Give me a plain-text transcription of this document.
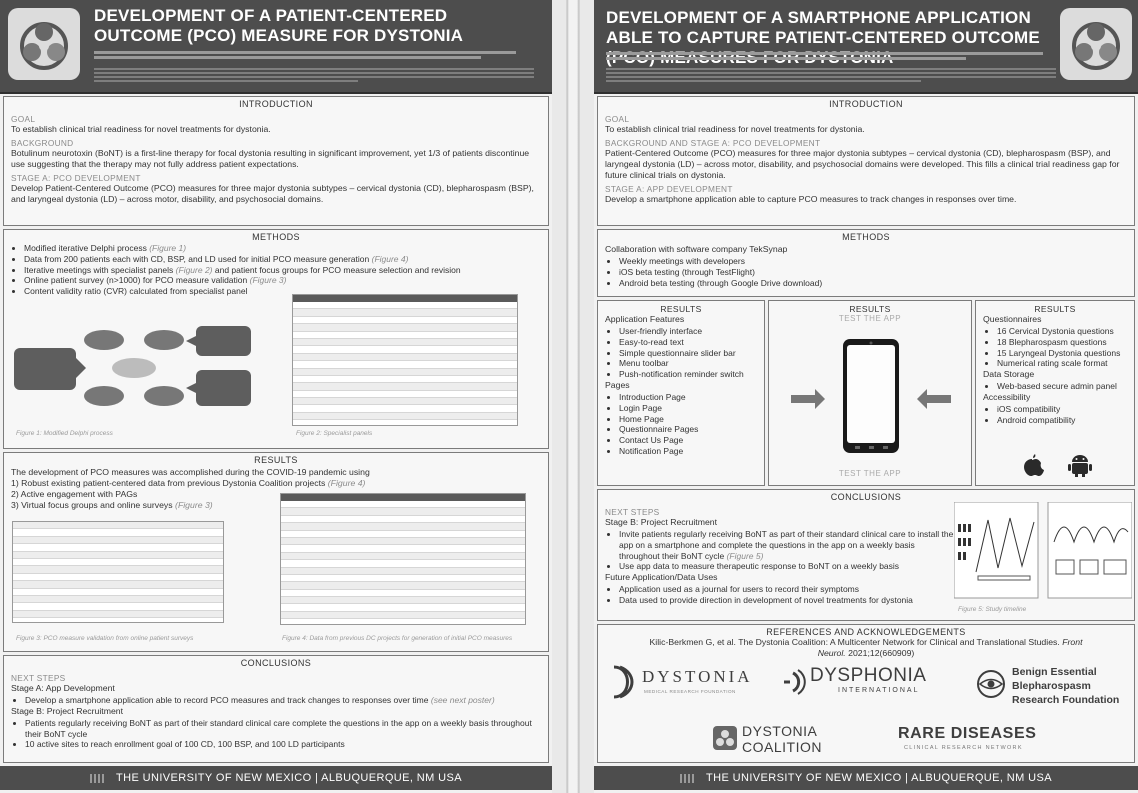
DEVELOPMENT OF A PATIENT-CENTERED OUTCOME (PCO) MEASURE FOR DYSTONIA
INTRODUCTION
GOAL
To establish clinical trial readiness for novel treatments for dystonia.
BACKGROUND
Botulinum neurotoxin (BoNT) is a first-line therapy for focal dystonia resulting in significant improvement, yet 1/3 of patients discontinue use suggesting that the therapy may not fully address patient expectations.
STAGE A: PCO DEVELOPMENT
Develop Patient-Centered Outcome (PCO) measures for three major dystonia subtypes – cervical dystonia (CD), blepharospasm (BSP), and laryngeal dystonia (LD) – across motor, disability, and psychosocial domains.
METHODS
• Modified iterative Delphi process (Figure 1)
• Data from 200 patients each with CD, BSP, and LD used for initial PCO measure generation (Figure 4)
• Iterative meetings with specialist panels (Figure 2) and patient focus groups for PCO measure selection and revision
• Online patient survey (n>1000) for PCO measure validation (Figure 3)
• Content validity ratio (CVR) calculated from specialist panel
Figure 1: Modified Delphi process	Figure 2: Specialist panels
RESULTS
The development of PCO measures was accomplished during the COVID-19 pandemic using
1) Robust existing patient-centered data from previous Dystonia Coalition projects (Figure 4)
2) Active engagement with PAGs
3) Virtual focus groups and online surveys (Figure 3)
Figure 3: PCO measure validation from online patient surveys	Figure 4: Data from previous DC projects for generation of initial PCO measures
CONCLUSIONS
NEXT STEPS
Stage A: App Development
• Develop a smartphone application able to record PCO measures and track changes to responses over time (see next poster)
Stage B: Project Recruitment
• Patients regularly receiving BoNT as part of their standard clinical care complete the questions in the app on a weekly basis throughout their BoNT cycle
• 10 active sites to reach enrollment goal of 100 CD, 100 BSP, and 100 LD participants
THE UNIVERSITY OF NEW MEXICO | ALBUQUERQUE, NM USA
DEVELOPMENT OF A SMARTPHONE APPLICATION ABLE TO CAPTURE PATIENT-CENTERED OUTCOME
INTRODUCTION
GOAL
To establish clinical trial readiness for novel treatments for dystonia.
BACKGROUND AND STAGE A: PCO DEVELOPMENT
Patient-Centered Outcome (PCO) measures for three major dystonia subtypes – cervical dystonia (CD), blepharospasm (BSP), and laryngeal dystonia (LD) – across motor, disability, and psychosocial domains were developed. This fills a clinical trial readiness gap for future clinical trials on dystonia.
STAGE A: APP DEVELOPMENT
Develop a smartphone application able to capture PCO measures to track changes in responses over time.
METHODS
Collaboration with software company TekSynap
• Weekly meetings with developers
• iOS beta testing (through TestFlight)
• Android beta testing (through Google Drive download)
RESULTS
Application Features
• User-friendly interface
• Easy-to-read text
• Simple questionnaire slider bar
• Menu toolbar
• Push-notification reminder switch
Pages
• Introduction Page
• Login Page
• Home Page
• Questionnaire Pages
• Contact Us Page
• Notification Page
RESULTS
TEST THE APP
TEST THE APP
RESULTS
Questionnaires
• 16 Cervical Dystonia questions
• 18 Blepharospasm questions
• 15 Laryngeal Dystonia questions
• Numerical rating scale format
Data Storage
• Web-based secure admin panel
Accessibility
• iOS compatibility
• Android compatibility
CONCLUSIONS
NEXT STEPS
Stage B: Project Recruitment
• Invite patients regularly receiving BoNT as part of their standard clinical care to install the app on a smartphone and complete the questions in the app on a weekly basis throughout their BoNT cycle (Figure 5)
• Use app data to measure therapeutic response to BoNT on a weekly basis
Future Application/Data Uses
• Application used as a journal for users to record their symptoms
• Data used to provide direction in development of novel treatments for dystonia
Figure 5: Study timeline
REFERENCES AND ACKNOWLEDGEMENTS
Kilic-Berkmen G, et al. The Dystonia Coalition: A Multicenter Network for Clinical and Translational Studies. Front Neurol. 2021;12(660909)
DYSTONIA
MEDICAL RESEARCH FOUNDATION
DYSPHONIA
INTERNATIONAL
Benign Essential
Blepharospasm
Research Foundation
DYSTONIA
COALITION
RARE DISEASES
CLINICAL RESEARCH NETWORK
THE UNIVERSITY OF NEW MEXICO | ALBUQUERQUE, NM USA
